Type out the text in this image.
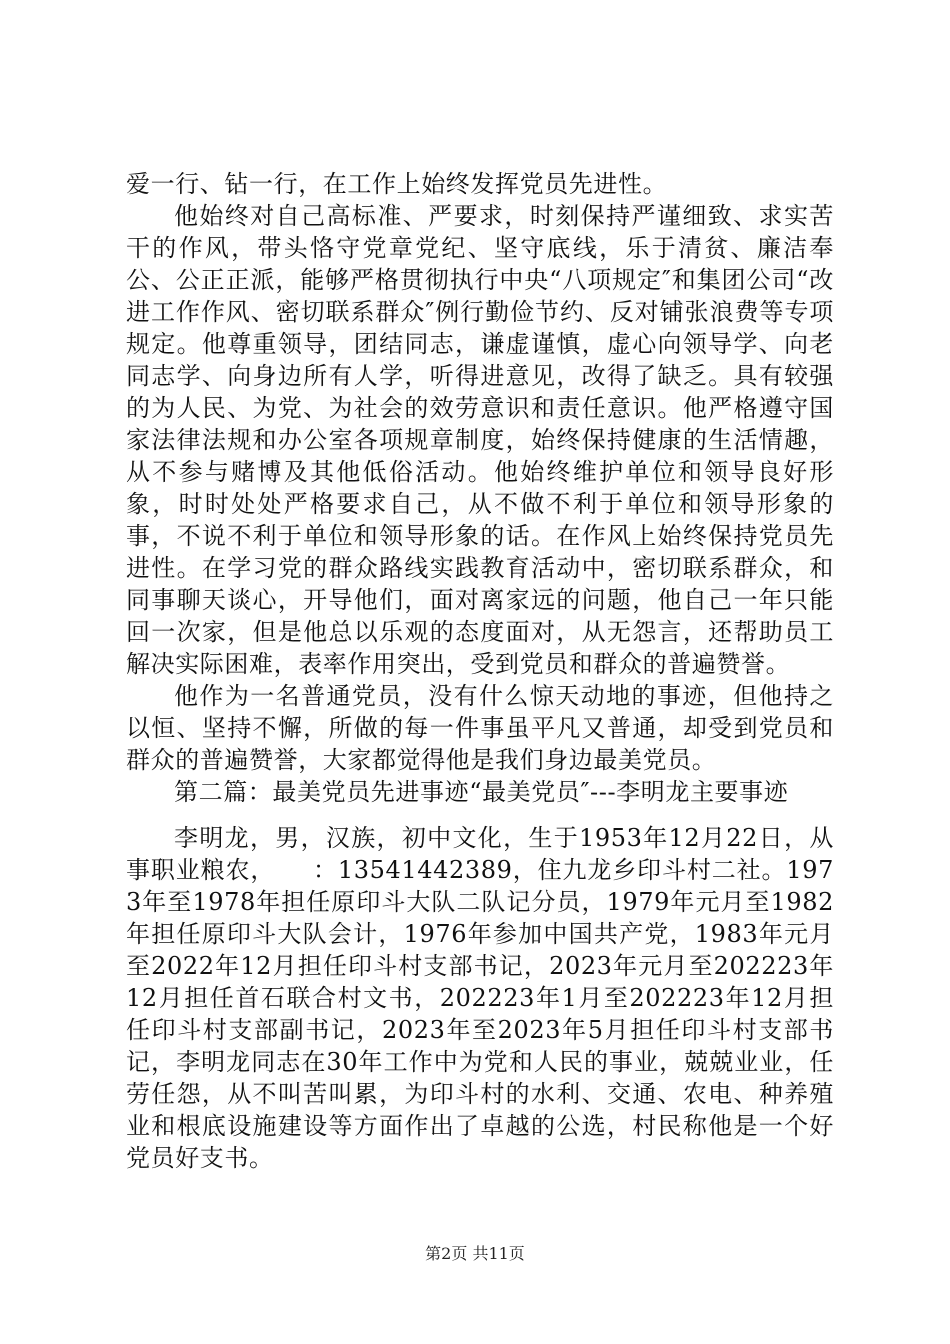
爱一行、钻一行，在工作上始终发挥党员先进性。

他始终对自己高标准、严要求，时刻保持严谨细致、求实苦干的作风，带头恪守党章党纪、坚守底线，乐于清贫、廉洁奉公、公正正派，能够严格贯彻执行中央“八项规定″和集团公司“改进工作作风、密切联系群众″例行勤俭节约、反对铺张浪费等专项规定。他尊重领导，团结同志，谦虚谨慎，虚心向领导学、向老同志学、向身边所有人学，听得进意见，改得了缺乏。具有较强的为人民、为党、为社会的效劳意识和责任意识。他严格遵守国家法律法规和办公室各项规章制度，始终保持健康的生活情趣，从不参与赌博及其他低俗活动。他始终维护单位和领导良好形象，时时处处严格要求自己，从不做不利于单位和领导形象的事，不说不利于单位和领导形象的话。在作风上始终保持党员先进性。在学习党的群众路线实践教育活动中，密切联系群众，和同事聊天谈心，开导他们，面对离家远的问题，他自己一年只能回一次家，但是他总以乐观的态度面对，从无怨言，还帮助员工解决实际困难，表率作用突出，受到党员和群众的普遍赞誉。

他作为一名普通党员，没有什么惊天动地的事迹，但他持之以恒、坚持不懈，所做的每一件事虽平凡又普通，却受到党员和群众的普遍赞誉，大家都觉得他是我们身边最美党员。

第二篇：最美党员先进事迹“最美党员″---李明龙主要事迹

李明龙，男，汉族，初中文化，生于1953年12月22日，从事职业粮农，　　：13541442389，住九龙乡印斗村二社。1973年至1978年担任原印斗大队二队记分员，1979年元月至1982年担任原印斗大队会计，1976年参加中国共产党，1983年元月至2022年12月担任印斗村支部书记，2023年元月至202223年12月担任首石联合村文书，202223年1月至202223年12月担任印斗村支部副书记，2023年至2023年5月担任印斗村支部书记，李明龙同志在30年工作中为党和人民的事业，兢兢业业，任劳任怨，从不叫苦叫累，为印斗村的水利、交通、农电、种养殖业和根底设施建设等方面作出了卓越的公选，村民称他是一个好党员好支书。

第2页 共11页
